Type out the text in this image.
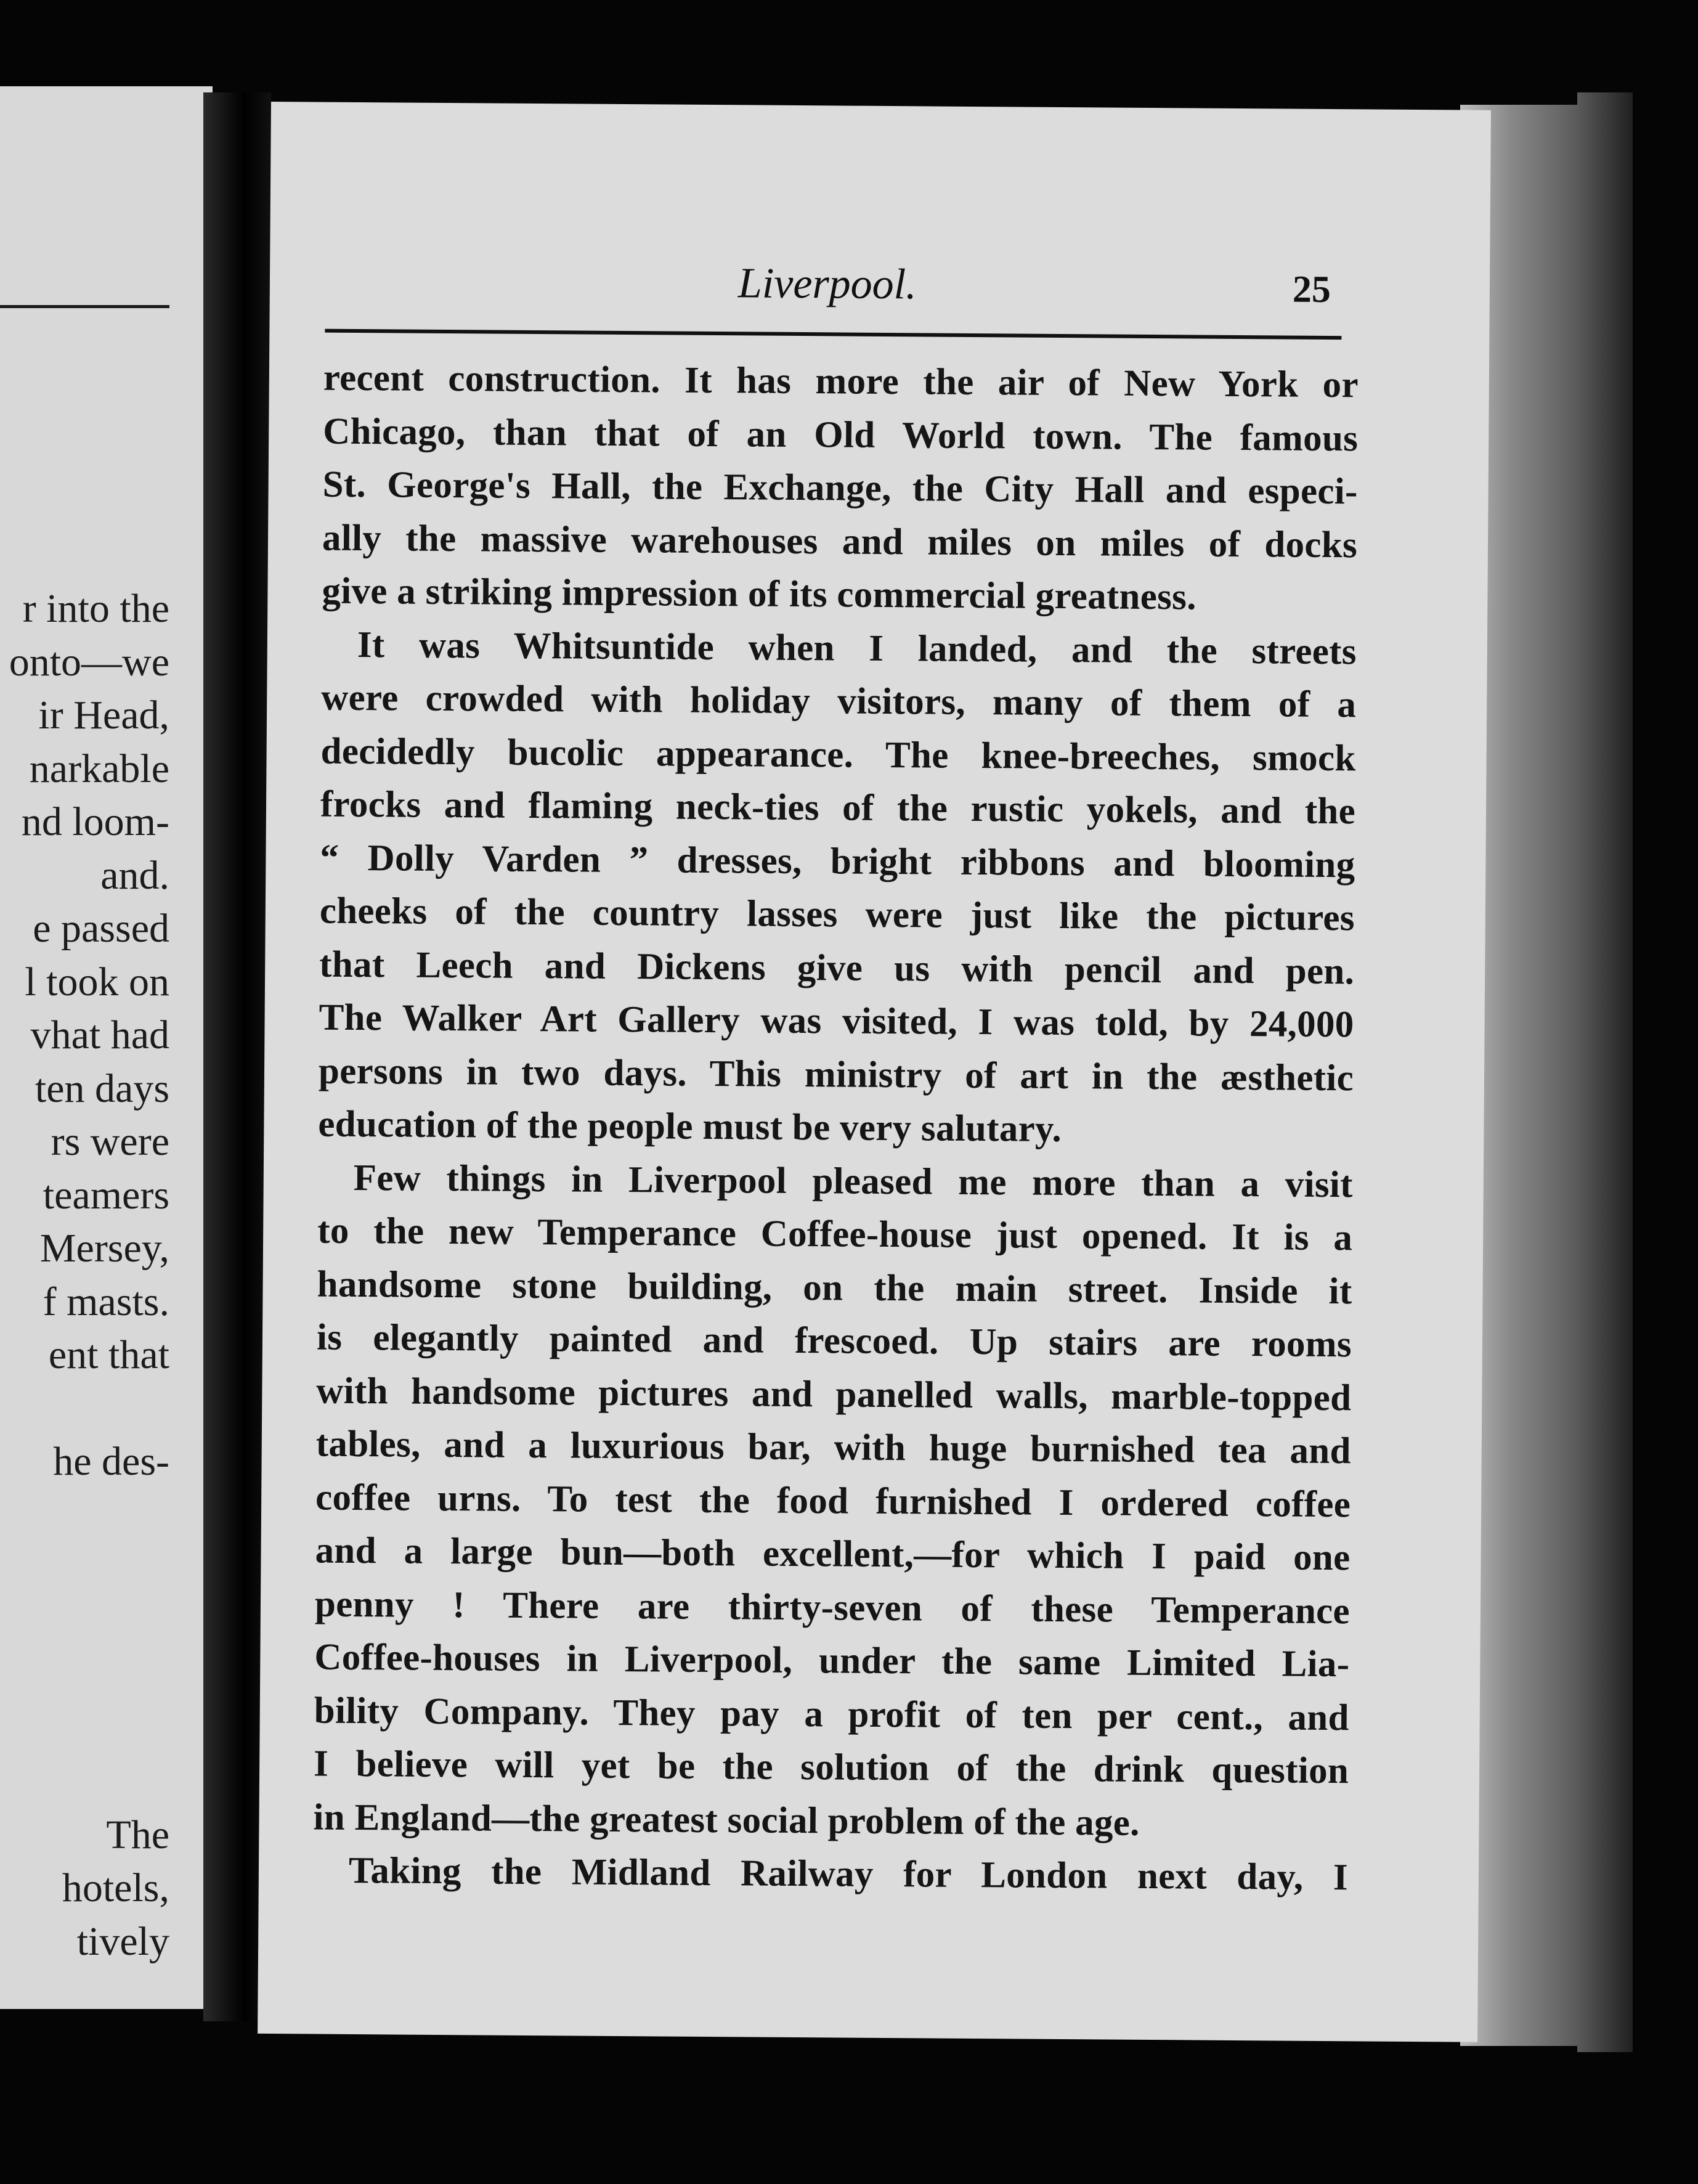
r into the
onto—we
ir Head,
narkable
nd loom-
and.
e passed
l took on
vhat had
ten days
rs were
teamers
Mersey,
f masts.
ent that
he des-
The
hotels,
tively
Liverpool.	25
recent construction. It has more the air of New York or
Chicago, than that of an Old World town. The famous
St. George's Hall, the Exchange, the City Hall and especi-
ally the massive warehouses and miles on miles of docks
give a striking impression of its commercial greatness.
It was Whitsuntide when I landed, and the streets
were crowded with holiday visitors, many of them of a
decidedly bucolic appearance. The knee-breeches, smock
frocks and flaming neck-ties of the rustic yokels, and the
“ Dolly Varden ” dresses, bright ribbons and blooming
cheeks of the country lasses were just like the pictures
that Leech and Dickens give us with pencil and pen.
The Walker Art Gallery was visited, I was told, by 24,000
persons in two days. This ministry of art in the æsthetic
education of the people must be very salutary.
Few things in Liverpool pleased me more than a visit
to the new Temperance Coffee-house just opened. It is a
handsome stone building, on the main street. Inside it
is elegantly painted and frescoed. Up stairs are rooms
with handsome pictures and panelled walls, marble-topped
tables, and a luxurious bar, with huge burnished tea and
coffee urns. To test the food furnished I ordered coffee
and a large bun—both excellent,—for which I paid one
penny ! There are thirty-seven of these Temperance
Coffee-houses in Liverpool, under the same Limited Lia-
bility Company. They pay a profit of ten per cent., and
I believe will yet be the solution of the drink question
in England—the greatest social problem of the age.
Taking the Midland Railway for London next day, I
